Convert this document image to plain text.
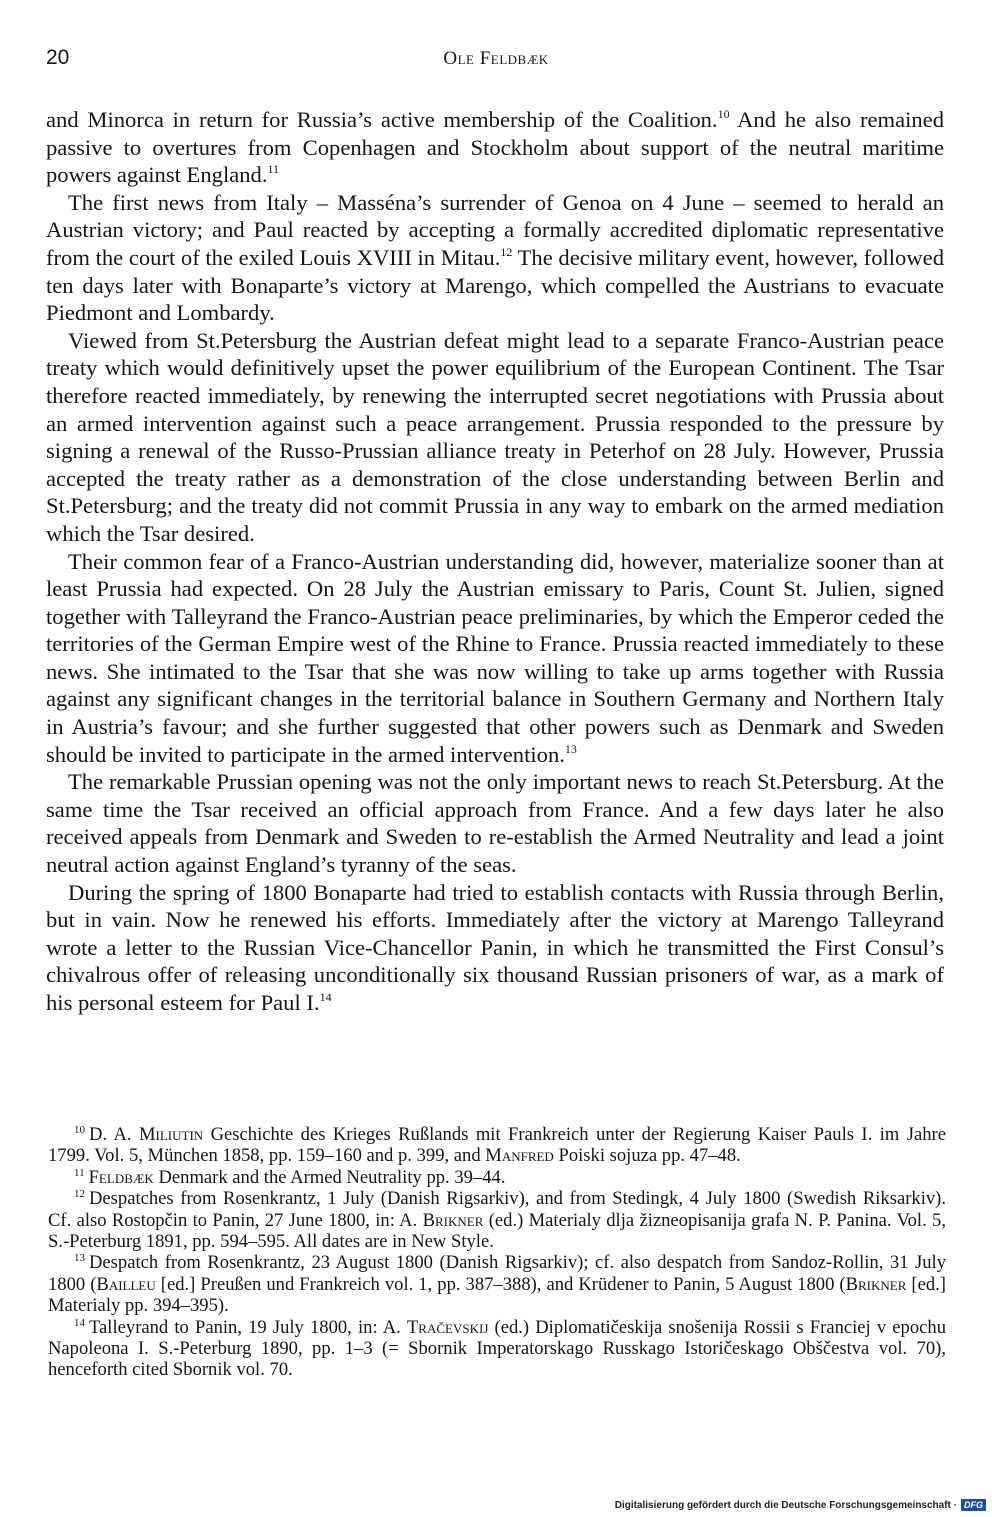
20	Ole Feldbæk

and Minorca in return for Russia’s active membership of the Coalition.$^{10}$ And he also remained passive to overtures from Copenhagen and Stockholm about support of the neutral maritime powers against England.$^{11}$

The first news from Italy – Masséna’s surrender of Genoa on 4 June – seemed to herald an Austrian victory; and Paul reacted by accepting a formally accredited diplomatic representative from the court of the exiled Louis XVIII in Mitau.$^{12}$ The decisive military event, however, followed ten days later with Bonaparte’s victory at Marengo, which compelled the Austrians to evacuate Piedmont and Lombardy.

Viewed from St.Petersburg the Austrian defeat might lead to a separate Franco-Austrian peace treaty which would definitively upset the power equilibrium of the European Continent. The Tsar therefore reacted immediately, by renewing the interrupted secret negotiations with Prussia about an armed intervention against such a peace arrangement. Prussia responded to the pressure by signing a renewal of the Russo-Prussian alliance treaty in Peterhof on 28 July. However, Prussia accepted the treaty rather as a demonstration of the close understanding between Berlin and St.Petersburg; and the treaty did not commit Prussia in any way to embark on the armed mediation which the Tsar desired.

Their common fear of a Franco-Austrian understanding did, however, materialize sooner than at least Prussia had expected. On 28 July the Austrian emissary to Paris, Count St. Julien, signed together with Talleyrand the Franco-Austrian peace preliminaries, by which the Emperor ceded the territories of the German Empire west of the Rhine to France. Prussia reacted immediately to these news. She intimated to the Tsar that she was now willing to take up arms together with Russia against any significant changes in the territorial balance in Southern Germany and Northern Italy in Austria’s favour; and she further suggested that other powers such as Denmark and Sweden should be invited to participate in the armed intervention.$^{13}$

The remarkable Prussian opening was not the only important news to reach St.Petersburg. At the same time the Tsar received an official approach from France. And a few days later he also received appeals from Denmark and Sweden to re-establish the Armed Neutrality and lead a joint neutral action against England’s tyranny of the seas.

During the spring of 1800 Bonaparte had tried to establish contacts with Russia through Berlin, but in vain. Now he renewed his efforts. Immediately after the victory at Marengo Talleyrand wrote a letter to the Russian Vice-Chancellor Panin, in which he transmitted the First Consul’s chivalrous offer of releasing unconditionally six thousand Russian prisoners of war, as a mark of his personal esteem for Paul I.$^{14}$

$^{10}$ D. A. Miliutin Geschichte des Krieges Rußlands mit Frankreich unter der Regierung Kaiser Pauls I. im Jahre 1799. Vol. 5, München 1858, pp. 159–160 and p. 399, and Manfred Poiski sojuza pp. 47–48.

$^{11}$ Feldbæk Denmark and the Armed Neutrality pp. 39–44.

$^{12}$ Despatches from Rosenkrantz, 1 July (Danish Rigsarkiv), and from Stedingk, 4 July 1800 (Swedish Riksarkiv). Cf. also Rostopčin to Panin, 27 June 1800, in: A. Brikner (ed.) Materialy dlja žizneopisanija grafa N. P. Panina. Vol. 5, S.-Peterburg 1891, pp. 594–595. All dates are in New Style.

$^{13}$ Despatch from Rosenkrantz, 23 August 1800 (Danish Rigsarkiv); cf. also despatch from Sandoz-Rollin, 31 July 1800 (Bailleu [ed.] Preußen und Frankreich vol. 1, pp. 387–388), and Krüdener to Panin, 5 August 1800 (Brikner [ed.] Materialy pp. 394–395).

$^{14}$ Talleyrand to Panin, 19 July 1800, in: A. Tračevskij (ed.) Diplomatičeskija snošenija Rossii s Franciej v epochu Napoleona I. S.-Peterburg 1890, pp. 1–3 (= Sbornik Imperatorskago Russkago Istoričeskago Obščestva vol. 70), henceforth cited Sbornik vol. 70.

Digitalisierung gefördert durch die Deutsche Forschungsgemeinschaft · DFG
